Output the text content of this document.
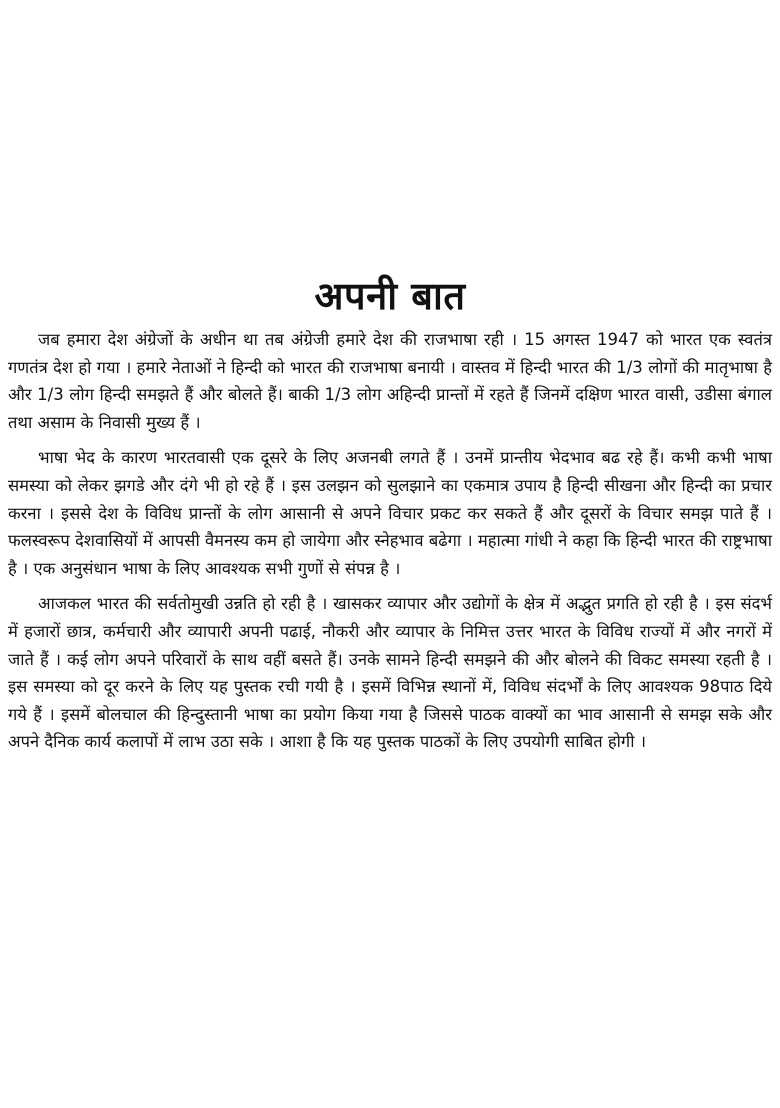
अपनी बात

जब हमारा देश अंग्रेजों के अधीन था तब अंग्रेजी हमारे देश की राजभाषा रही । 15 अगस्त 1947 को भारत एक स्वतंत्र गणतंत्र देश हो गया । हमारे नेताओं ने हिन्दी को भारत की राजभाषा बनायी । वास्तव में हिन्दी भारत की 1/3 लोगों की मातृभाषा है और 1/3 लोग हिन्दी समझते हैं और बोलते हैं। बाकी 1/3 लोग अहिन्दी प्रान्तों में रहते हैं जिनमें दक्षिण भारत वासी, उडीसा बंगाल तथा असाम के निवासी मुख्य हैं ।

भाषा भेद के कारण भारतवासी एक दूसरे के लिए अजनबी लगते हैं । उनमें प्रान्तीय भेदभाव बढ रहे हैं। कभी कभी भाषा समस्या को लेकर झगडे और दंगे भी हो रहे हैं । इस उलझन को सुलझाने का एकमात्र उपाय है हिन्दी सीखना और हिन्दी का प्रचार करना । इससे देश के विविध प्रान्तों के लोग आसानी से अपने विचार प्रकट कर सकते हैं और दूसरों के विचार समझ पाते हैं । फलस्वरूप देशवासियों में आपसी वैमनस्य कम हो जायेगा और स्नेहभाव बढेगा । महात्मा गांधी ने कहा कि हिन्दी भारत की राष्ट्रभाषा है । एक अनुसंधान भाषा के लिए आवश्यक सभी गुणों से संपन्न है ।

आजकल भारत की सर्वतोमुखी उन्नति हो रही है । खासकर व्यापार और उद्योगों के क्षेत्र में अद्भुत प्रगति हो रही है । इस संदर्भ में हजारों छात्र, कर्मचारी और व्यापारी अपनी पढाई, नौकरी और व्यापार के निमित्त उत्तर भारत के विविध राज्यों में और नगरों में जाते हैं । कई लोग अपने परिवारों के साथ वहीं बसते हैं। उनके सामने हिन्दी समझने की और बोलने की विकट समस्या रहती है । इस समस्या को दूर करने के लिए यह पुस्तक रची गयी है । इसमें विभिन्न स्थानों में, विविध संदर्भों के लिए आवश्यक 98पाठ दिये गये हैं । इसमें बोलचाल की हिन्दुस्तानी भाषा का प्रयोग किया गया है जिससे पाठक वाक्यों का भाव आसानी से समझ सके और अपने दैनिक कार्य कलापों में लाभ उठा सके । आशा है कि यह पुस्तक पाठकों के लिए उपयोगी साबित होगी ।
